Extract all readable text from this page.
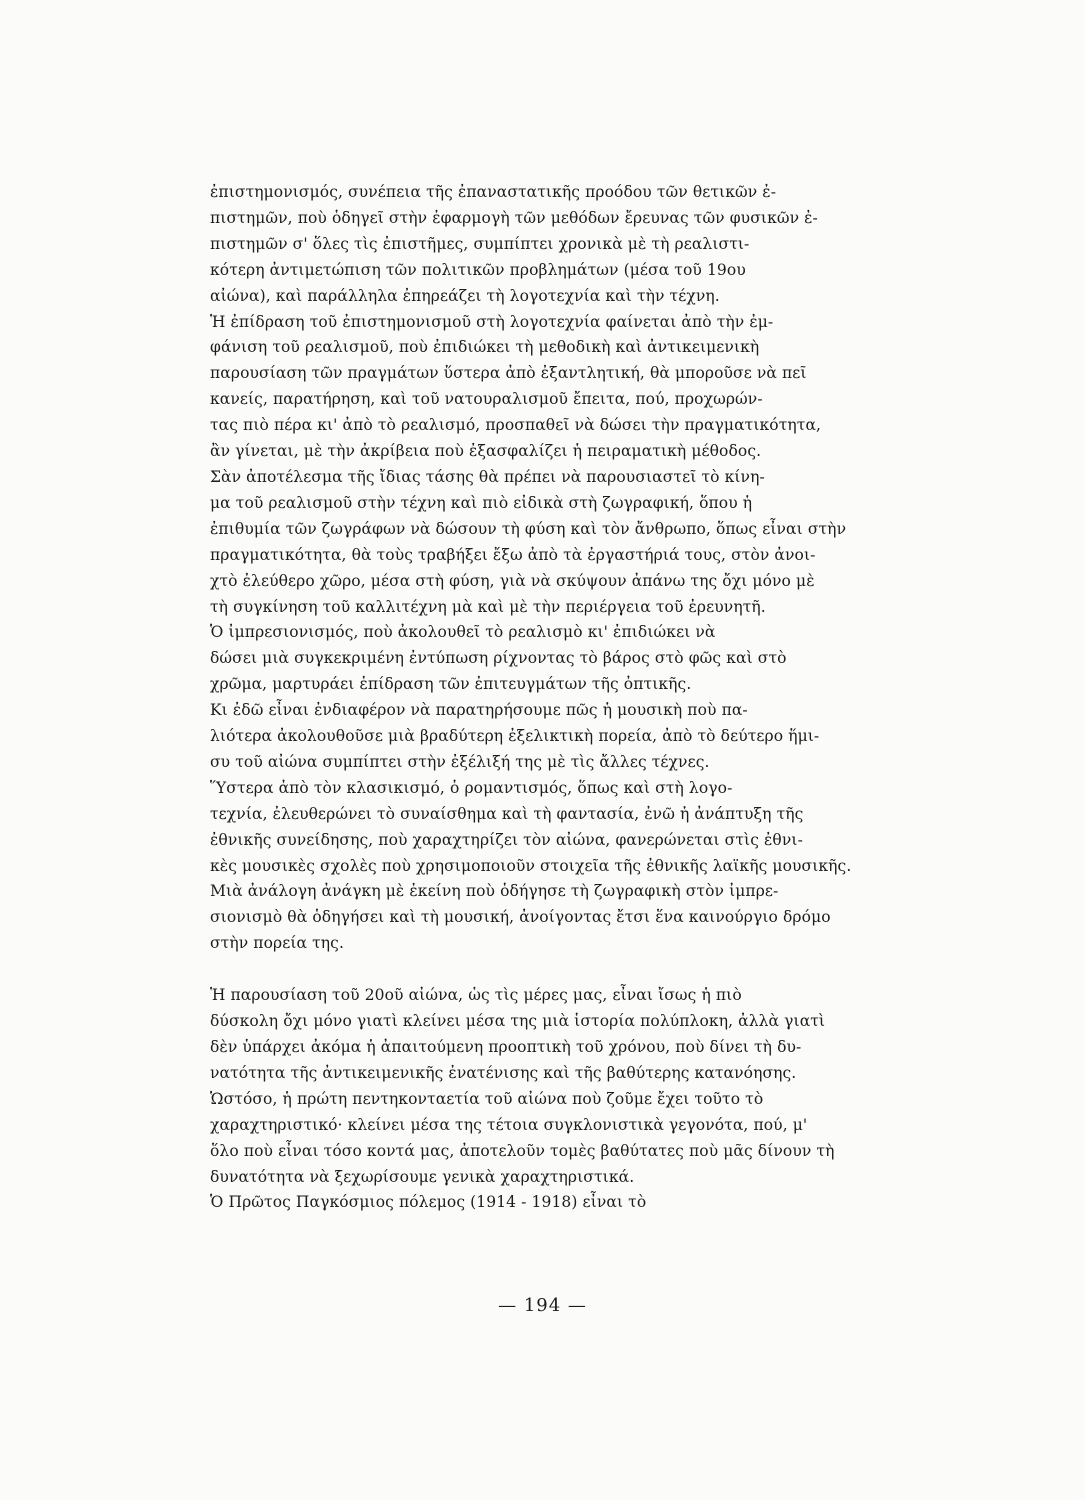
ἐπιστημονισμός, συνέπεια τῆς ἐπαναστατικῆς προόδου τῶν θετικῶν ἐ-
πιστημῶν, ποὺ ὁδηγεῖ στὴν ἐφαρμογὴ τῶν μεθόδων ἔρευνας τῶν φυσικῶν ἐ-
πιστημῶν σ' ὅλες τὶς ἐπιστῆμες, συμπίπτει χρονικὰ μὲ τὴ ρεαλιστι-
κότερη ἀντιμετώπιση τῶν πολιτικῶν προβλημάτων (μέσα τοῦ 19ου
αἰώνα), καὶ παράλληλα ἐπηρεάζει τὴ λογοτεχνία καὶ τὴν τέχνη.

Ἡ ἐπίδραση τοῦ ἐπιστημονισμοῦ στὴ λογοτεχνία φαίνεται ἀπὸ τὴν ἐμ-
φάνιση τοῦ ρεαλισμοῦ, ποὺ ἐπιδιώκει τὴ μεθοδικὴ καὶ ἀντικειμενικὴ
παρουσίαση τῶν πραγμάτων ὕστερα ἀπὸ ἐξαντλητική, θὰ μποροῦσε νὰ πεῖ
κανείς, παρατήρηση, καὶ τοῦ νατουραλισμοῦ ἔπειτα, πού, προχωρών-
τας πιὸ πέρα κι' ἀπὸ τὸ ρεαλισμό, προσπαθεῖ νὰ δώσει τὴν πραγματικότητα,
ἂν γίνεται, μὲ τὴν ἀκρίβεια ποὺ ἐξασφαλίζει ἡ πειραματικὴ μέθοδος.

Σὰν ἀποτέλεσμα τῆς ἴδιας τάσης θὰ πρέπει νὰ παρουσιαστεῖ τὸ κίνη-
μα τοῦ ρεαλισμοῦ στὴν τέχνη καὶ πιὸ εἰδικὰ στὴ ζωγραφική, ὅπου ἡ
ἐπιθυμία τῶν ζωγράφων νὰ δώσουν τὴ φύση καὶ τὸν ἄνθρωπο, ὅπως εἶναι στὴν
πραγματικότητα, θὰ τοὺς τραβήξει ἔξω ἀπὸ τὰ ἐργαστήριά τους, στὸν ἀνοι-
χτὸ ἐλεύθερο χῶρο, μέσα στὴ φύση, γιὰ νὰ σκύψουν ἀπάνω της ὄχι μόνο μὲ
τὴ συγκίνηση τοῦ καλλιτέχνη μὰ καὶ μὲ τὴν περιέργεια τοῦ ἐρευνητῆ.

Ὁ ἰμπρεσιονισμός, ποὺ ἀκολουθεῖ τὸ ρεαλισμὸ κι' ἐπιδιώκει νὰ
δώσει μιὰ συγκεκριμένη ἐντύπωση ρίχνοντας τὸ βάρος στὸ φῶς καὶ στὸ
χρῶμα, μαρτυράει ἐπίδραση τῶν ἐπιτευγμάτων τῆς ὀπτικῆς.

Κι ἐδῶ εἶναι ἐνδιαφέρον νὰ παρατηρήσουμε πῶς ἡ μουσικὴ ποὺ πα-
λιότερα ἀκολουθοῦσε μιὰ βραδύτερη ἐξελικτικὴ πορεία, ἀπὸ τὸ δεύτερο ἥμι-
συ τοῦ αἰώνα συμπίπτει στὴν ἐξέλιξή της μὲ τὶς ἄλλες τέχνες.

Ὕστερα ἀπὸ τὸν κλασικισμό, ὁ ρομαντισμός, ὅπως καὶ στὴ λογο-
τεχνία, ἐλευθερώνει τὸ συναίσθημα καὶ τὴ φαντασία, ἐνῶ ἡ ἀνάπτυξη τῆς
ἐθνικῆς συνείδησης, ποὺ χαραχτηρίζει τὸν αἰώνα, φανερώνεται στὶς ἐθνι-
κὲς μουσικὲς σχολὲς ποὺ χρησιμοποιοῦν στοιχεῖα τῆς ἐθνικῆς λαϊκῆς μουσικῆς.

Μιὰ ἀνάλογη ἀνάγκη μὲ ἐκείνη ποὺ ὁδήγησε τὴ ζωγραφικὴ στὸν ἰμπρε-
σιονισμὸ θὰ ὁδηγήσει καὶ τὴ μουσική, ἀνοίγοντας ἔτσι ἕνα καινούργιο δρόμο
στὴν πορεία της.

Ἡ παρουσίαση τοῦ 20οῦ αἰώνα, ὡς τὶς μέρες μας, εἶναι ἴσως ἡ πιὸ
δύσκολη ὄχι μόνο γιατὶ κλείνει μέσα της μιὰ ἱστορία πολύπλοκη, ἀλλὰ γιατὶ
δὲν ὑπάρχει ἀκόμα ἡ ἀπαιτούμενη προοπτικὴ τοῦ χρόνου, ποὺ δίνει τὴ δυ-
νατότητα τῆς ἀντικειμενικῆς ἐνατένισης καὶ τῆς βαθύτερης κατανόησης.

Ὡστόσο, ἡ πρώτη πεντηκονταετία τοῦ αἰώνα ποὺ ζοῦμε ἔχει τοῦτο τὸ
χαραχτηριστικό· κλείνει μέσα της τέτοια συγκλονιστικὰ γεγονότα, πού, μ'
ὅλο ποὺ εἶναι τόσο κοντά μας, ἀποτελοῦν τομὲς βαθύτατες ποὺ μᾶς δίνουν τὴ
δυνατότητα νὰ ξεχωρίσουμε γενικὰ χαραχτηριστικά.

Ὁ Πρῶτος Παγκόσμιος πόλεμος (1914 - 1918) εἶναι τὸ

— 194 —
